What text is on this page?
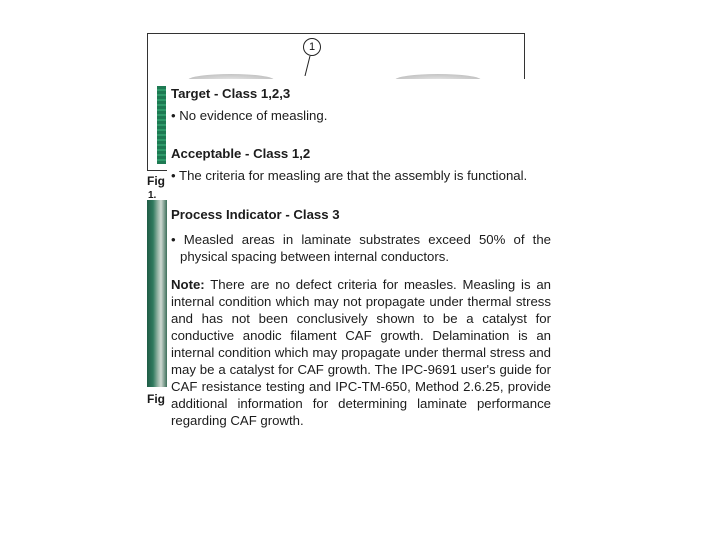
1
Fig
1.
Fig
Target - Class 1,2,3
• No evidence of measling.
Acceptable - Class 1,2
• The criteria for measling are that the assembly is functional.
Process Indicator - Class 3
• Measled areas in laminate substrates exceed 50% of the physical spacing between internal conductors.
Note: There are no defect criteria for measles. Measling is an internal condition which may not propagate under thermal stress and has not been conclusively shown to be a catalyst for conductive anodic filament CAF growth. Delamination is an internal condition which may propagate under thermal stress and may be a catalyst for CAF growth. The IPC-9691 user's guide for CAF resistance testing and IPC-TM-650, Method 2.6.25, provide additional information for determining laminate performance regarding CAF growth.
